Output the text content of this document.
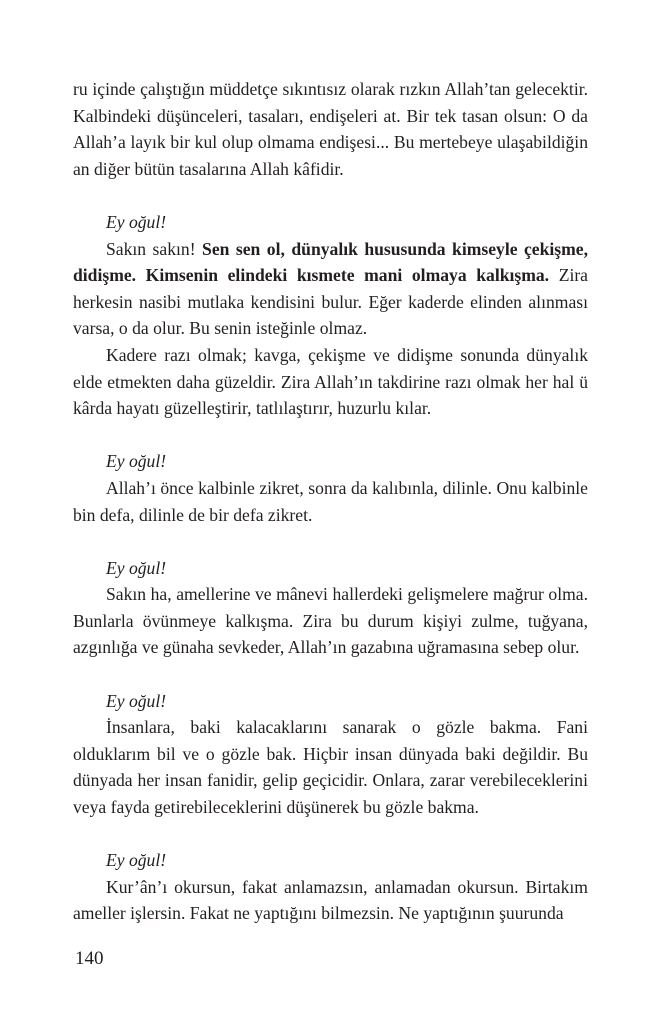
ru içinde çalıştığın müddetçe sıkıntısız olarak rızkın Allah’tan gelecektir. Kalbindeki düşünceleri, tasaları, endişeleri at. Bir tek tasan olsun: O da Allah’a layık bir kul olup olmama endişesi... Bu mertebeye ulaşabildiğin an diğer bütün tasalarına Allah kâfidir.

Ey oğul!

Sakın sakın! Sen sen ol, dünyalık hususunda kimseyle çekişme, didişme. Kimsenin elindeki kısmete mani olmaya kalkışma. Zira herkesin nasibi mutlaka kendisini bulur. Eğer kaderde elinden alınması varsa, o da olur. Bu senin isteğinle olmaz.

Kadere razı olmak; kavga, çekişme ve didişme sonunda dünyalık elde etmekten daha güzeldir. Zira Allah’ın takdirine razı olmak her hal ü kârda hayatı güzelleştirir, tatlılaştırır, huzurlu kılar.

Ey oğul!

Allah’ı önce kalbinle zikret, sonra da kalıbınla, dilinle. Onu kalbinle bin defa, dilinle de bir defa zikret.

Ey oğul!

Sakın ha, amellerine ve mânevi hallerdeki gelişmelere mağrur olma. Bunlarla övünmeye kalkışma. Zira bu durum kişiyi zulme, tuğyana, azgınlığa ve günaha sevkeder, Allah’ın gazabına uğramasına sebep olur.

Ey oğul!

İnsanlara, baki kalacaklarını sanarak o gözle bakma. Fani olduklarım bil ve o gözle bak. Hiçbir insan dünyada baki değildir. Bu dünyada her insan fanidir, gelip geçicidir. Onlara, zarar verebileceklerini veya fayda getirebileceklerini düşünerek bu gözle bakma.

Ey oğul!

Kur’ân’ı okursun, fakat anlamazsın, anlamadan okursun. Birtakım ameller işlersin. Fakat ne yaptığını bilmezsin. Ne yaptığının şuurunda

140
